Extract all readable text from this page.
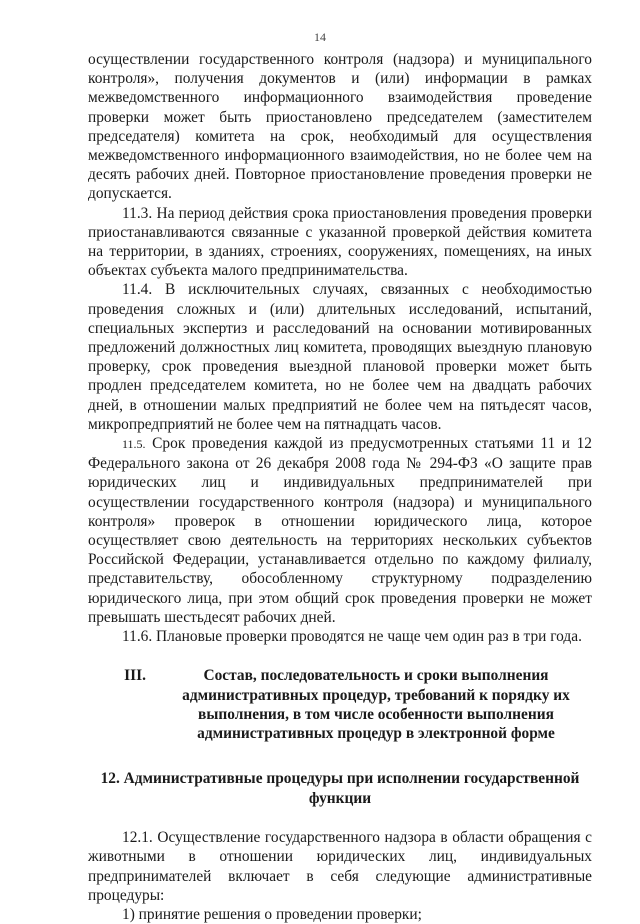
14

осуществлении государственного контроля (надзора) и муниципального контроля», получения документов и (или) информации в рамках межведомственного информационного взаимодействия проведение проверки может быть приостановлено председателем (заместителем председателя) комитета на срок, необходимый для осуществления межведомственного информационного взаимодействия, но не более чем на десять рабочих дней. Повторное приостановление проведения проверки не допускается.

11.3. На период действия срока приостановления проведения проверки приостанавливаются связанные с указанной проверкой действия комитета на территории, в зданиях, строениях, сооружениях, помещениях, на иных объектах субъекта малого предпринимательства.

11.4. В исключительных случаях, связанных с необходимостью проведения сложных и (или) длительных исследований, испытаний, специальных экспертиз и расследований на основании мотивированных предложений должностных лиц комитета, проводящих выездную плановую проверку, срок проведения выездной плановой проверки может быть продлен председателем комитета, но не более чем на двадцать рабочих дней, в отношении малых предприятий не более чем на пятьдесят часов, микропредприятий не более чем на пятнадцать часов.

11.5. Срок проведения каждой из предусмотренных статьями 11 и 12 Федерального закона от 26 декабря 2008 года № 294-ФЗ «О защите прав юридических лиц и индивидуальных предпринимателей при осуществлении государственного контроля (надзора) и муниципального контроля» проверок в отношении юридического лица, которое осуществляет свою деятельность на территориях нескольких субъектов Российской Федерации, устанавливается отдельно по каждому филиалу, представительству, обособленному структурному подразделению юридического лица, при этом общий срок проведения проверки не может превышать шестьдесят рабочих дней.

11.6. Плановые проверки проводятся не чаще чем один раз в три года.

III.	Состав, последовательность и сроки выполнения административных процедур, требований к порядку их выполнения, в том числе особенности выполнения административных процедур в электронной форме

12. Административные процедуры при исполнении государственной функции

12.1. Осуществление государственного надзора в области обращения с животными в отношении юридических лиц, индивидуальных предпринимателей включает в себя следующие административные процедуры:

1) принятие решения о проведении проверки;
